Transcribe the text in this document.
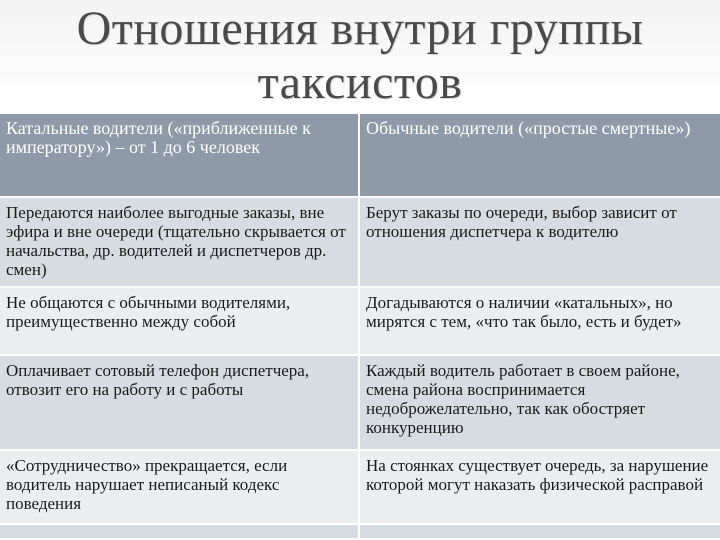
Отношения внутри группы
таксистов
Катальные водители («приближенные к императору») – от 1 до 6 человек
Обычные водители («простые смертные»)
Передаются наиболее выгодные заказы, вне эфира и вне очереди (тщательно скрывается от начальства, др. водителей и диспетчеров др. смен)
Берут заказы по очереди, выбор зависит от отношения диспетчера к водителю
Не общаются с обычными водителями, преимущественно между собой
Догадываются о наличии «катальных», но мирятся с тем, «что так было, есть и будет»
Оплачивает сотовый телефон диспетчера, отвозит его на работу и с работы
Каждый водитель работает в своем районе, смена района воспринимается недоброжелательно, так как обостряет конкуренцию
«Сотрудничество» прекращается, если водитель нарушает неписаный кодекс поведения
На стоянках существует очередь, за нарушение которой могут наказать физической расправой
